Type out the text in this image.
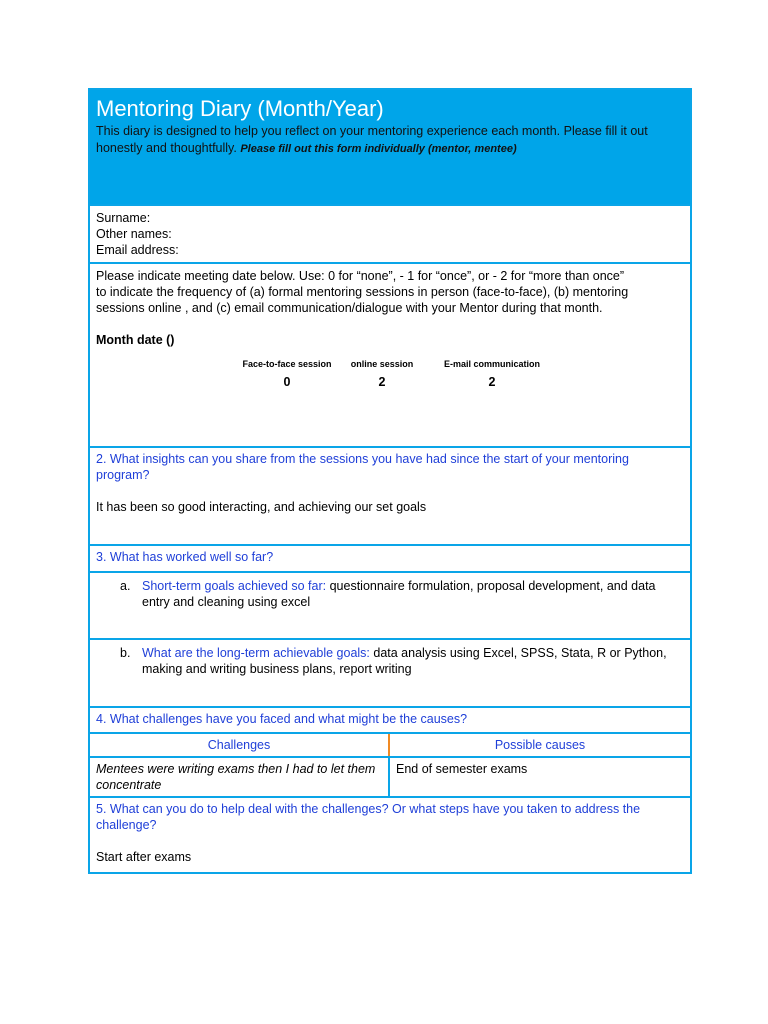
Mentoring Diary (Month/Year)

This diary is designed to help you reflect on your mentoring experience each month. Please fill it out honestly and thoughtfully. Please fill out this form individually (mentor, mentee)

Surname:
Other names:
Email address:
Please indicate meeting date below. Use: 0 for “none”, - 1 for “once”, or - 2 for “more than once” to indicate the frequency of (a) formal mentoring sessions in person (face-to-face), (b) mentoring sessions online , and (c) email communication/dialogue with your Mentor during that month.
Month date ()
Face-to-face session
0
online session
2
E-mail communication
2
2. What insights can you share from the sessions you have had since the start of your mentoring program?
It has been so good interacting, and achieving our set goals
3. What has worked well so far?
a. Short-term goals achieved so far: questionnaire formulation, proposal development, and data entry and cleaning using excel
b. What are the long-term achievable goals: data analysis using Excel, SPSS, Stata, R or Python, making and writing business plans, report writing
4. What challenges have you faced and what might be the causes?
Challenges	Possible causes
Mentees were writing exams then I had to let them concentrate
End of semester exams
5. What can you do to help deal with the challenges? Or what steps have you taken to address the challenge?
Start after exams
